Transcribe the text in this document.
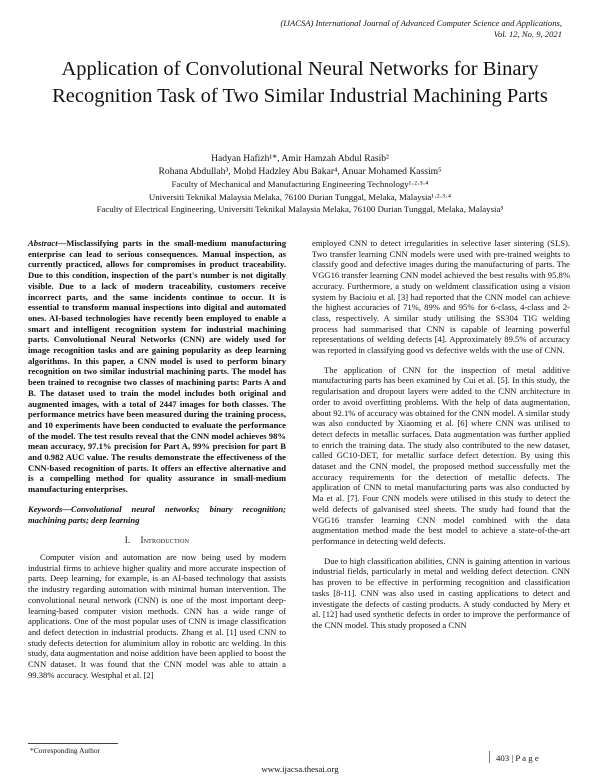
(IJACSA) International Journal of Advanced Computer Science and Applications,
Vol. 12, No. 9, 2021
Application of Convolutional Neural Networks for Binary Recognition Task of Two Similar Industrial Machining Parts
Hadyan Hafizh¹*, Amir Hamzah Abdul Rasib²
Rohana Abdullah³, Mohd Hadzley Abu Bakar⁴, Anuar Mohamed Kassim⁵
Faculty of Mechanical and Manufacturing Engineering Technology¹·²·³·⁴
Universiti Teknikal Malaysia Melaka, 76100 Durian Tunggal, Melaka, Malaysia¹·²·³·⁴
Faculty of Electrical Engineering, Universiti Teknikal Malaysia Melaka, 76100 Durian Tunggal, Melaka, Malaysia⁵

Abstract—Misclassifying parts in the small-medium manufacturing enterprise can lead to serious consequences. Manual inspection, as currently practiced, allows for compromises in product traceability. Due to this condition, inspection of the part's number is not digitally visible. Due to a lack of modern traceability, customers receive incorrect parts, and the same incidents continue to occur. It is essential to transform manual inspections into digital and automated ones. AI-based technologies have recently been employed to enable a smart and intelligent recognition system for industrial machining parts. Convolutional Neural Networks (CNN) are widely used for image recognition tasks and are gaining popularity as deep learning algorithms. In this paper, a CNN model is used to perform binary recognition on two similar industrial machining parts. The model has been trained to recognise two classes of machining parts: Parts A and B. The dataset used to train the model includes both original and augmented images, with a total of 2447 images for both classes. The performance metrics have been measured during the training process, and 10 experiments have been conducted to evaluate the performance of the model. The test results reveal that the CNN model achieves 98% mean accuracy, 97.1% precision for Part A, 99% precision for part B and 0.982 AUC value. The results demonstrate the effectiveness of the CNN-based recognition of parts. It offers an effective alternative and is a compelling method for quality assurance in small-medium manufacturing enterprises.

Keywords—Convolutional neural networks; binary recognition; machining parts; deep learning

I. Introduction

Computer vision and automation are now being used by modern industrial firms to achieve higher quality and more accurate inspection of parts. Deep learning, for example, is an AI-based technology that assists the industry regarding automation with minimal human intervention. The convolutional neural network (CNN) is one of the most important deep-learning-based computer vision methods. CNN has a wide range of applications. One of the most popular uses of CNN is image classification and defect detection in industrial products. Zhang et al. [1] used CNN to study defects detection for aluminium alloy in robotic arc welding. In this study, data augmentation and noise addition have been applied to boost the CNN dataset. It was found that the CNN model was able to attain a 99.38% accuracy. Westphal et al. [2]

employed CNN to detect irregularities in selective laser sintering (SLS). Two transfer learning CNN models were used with pre-trained weights to classify good and defective images during the manufacturing of parts. The VGG16 transfer learning CNN model achieved the best results with 95.8% accuracy. Furthermore, a study on weldment classification using a vision system by Bacioiu et al. [3] had reported that the CNN model can achieve the highest accuracies of 71%, 89% and 95% for 6-class, 4-class and 2-class, respectively. A similar study utilising the SS304 TIG welding process had summarised that CNN is capable of learning powerful representations of welding defects [4]. Approximately 89.5% of accuracy was reported in classifying good vs defective welds with the use of CNN.

The application of CNN for the inspection of metal additive manufacturing parts has been examined by Cui et al. [5]. In this study, the regularisation and dropout layers were added to the CNN architecture in order to avoid overfitting problems. With the help of data augmentation, about 92.1% of accuracy was obtained for the CNN model. A similar study was also conducted by Xiaoming et al. [6] where CNN was utilised to detect defects in metallic surfaces. Data augmentation was further applied to enrich the training data. The study also contributed to the new dataset, called GC10-DET, for metallic surface defect detection. By using this dataset and the CNN model, the proposed method successfully met the accuracy requirements for the detection of metallic defects. The application of CNN to metal manufacturing parts was also conducted by Ma et al. [7]. Four CNN models were utilised in this study to detect the weld defects of galvanised steel sheets. The study had found that the VGG16 transfer learning CNN model combined with the data augmentation method made the best model to achieve a state-of-the-art performance in detecting weld defects.

Due to high classification abilities, CNN is gaining attention in various industrial fields, particularly in metal and welding defect detection. CNN has proven to be effective in performing recognition and classification tasks [8-11]. CNN was also used in casting applications to detect and investigate the defects of casting products. A study conducted by Mery et al. [12] had used synthetic defects in order to improve the performance of the CNN model. This study proposed a CNN

*Corresponding Author
403 | P a g e
www.ijacsa.thesai.org
